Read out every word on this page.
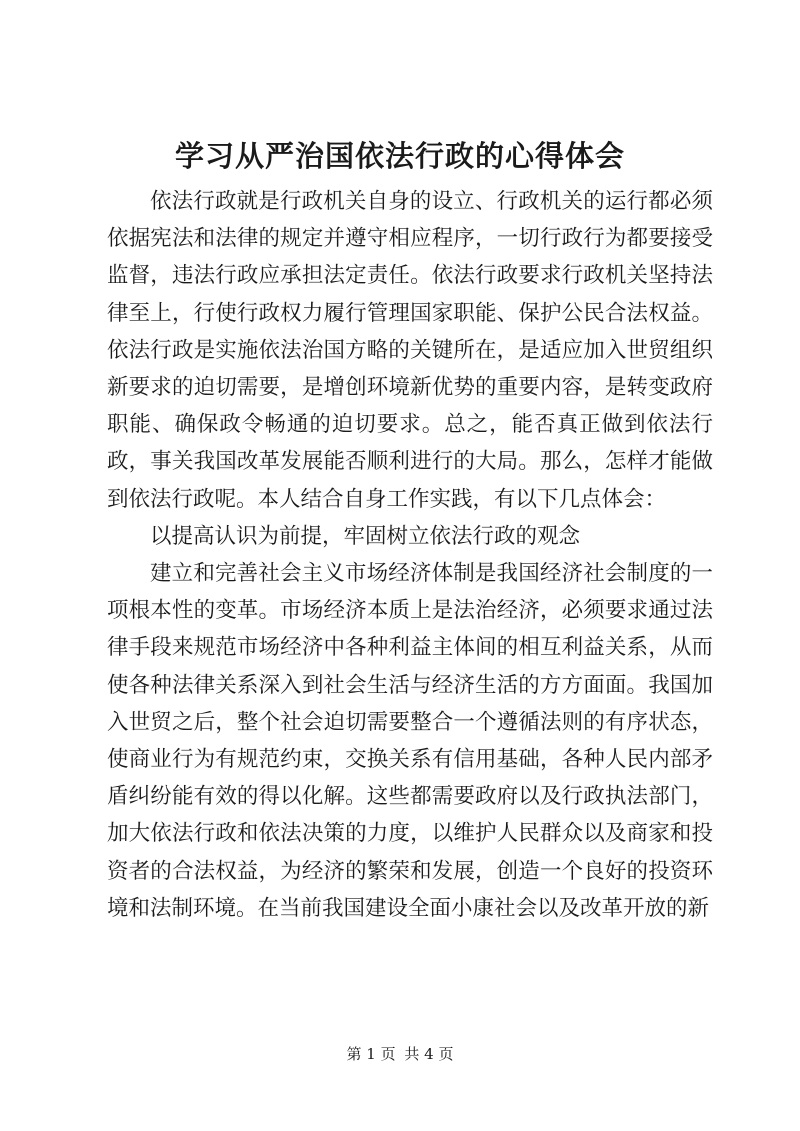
学习从严治国依法行政的心得体会

依法行政就是行政机关自身的设立、行政机关的运行都必须依据宪法和法律的规定并遵守相应程序，一切行政行为都要接受监督，违法行政应承担法定责任。依法行政要求行政机关坚持法律至上，行使行政权力履行管理国家职能、保护公民合法权益。依法行政是实施依法治国方略的关键所在，是适应加入世贸组织新要求的迫切需要，是增创环境新优势的重要内容，是转变政府职能、确保政令畅通的迫切要求。总之，能否真正做到依法行政，事关我国改革发展能否顺利进行的大局。那么，怎样才能做到依法行政呢。本人结合自身工作实践，有以下几点体会：

以提高认识为前提，牢固树立依法行政的观念

建立和完善社会主义市场经济体制是我国经济社会制度的一项根本性的变革。市场经济本质上是法治经济，必须要求通过法律手段来规范市场经济中各种利益主体间的相互利益关系，从而使各种法律关系深入到社会生活与经济生活的方方面面。我国加入世贸之后，整个社会迫切需要整合一个遵循法则的有序状态，使商业行为有规范约束，交换关系有信用基础，各种人民内部矛盾纠纷能有效的得以化解。这些都需要政府以及行政执法部门，加大依法行政和依法决策的力度，以维护人民群众以及商家和投资者的合法权益，为经济的繁荣和发展，创造一个良好的投资环境和法制环境。在当前我国建设全面小康社会以及改革开放的新

第 1 页 共 4 页
